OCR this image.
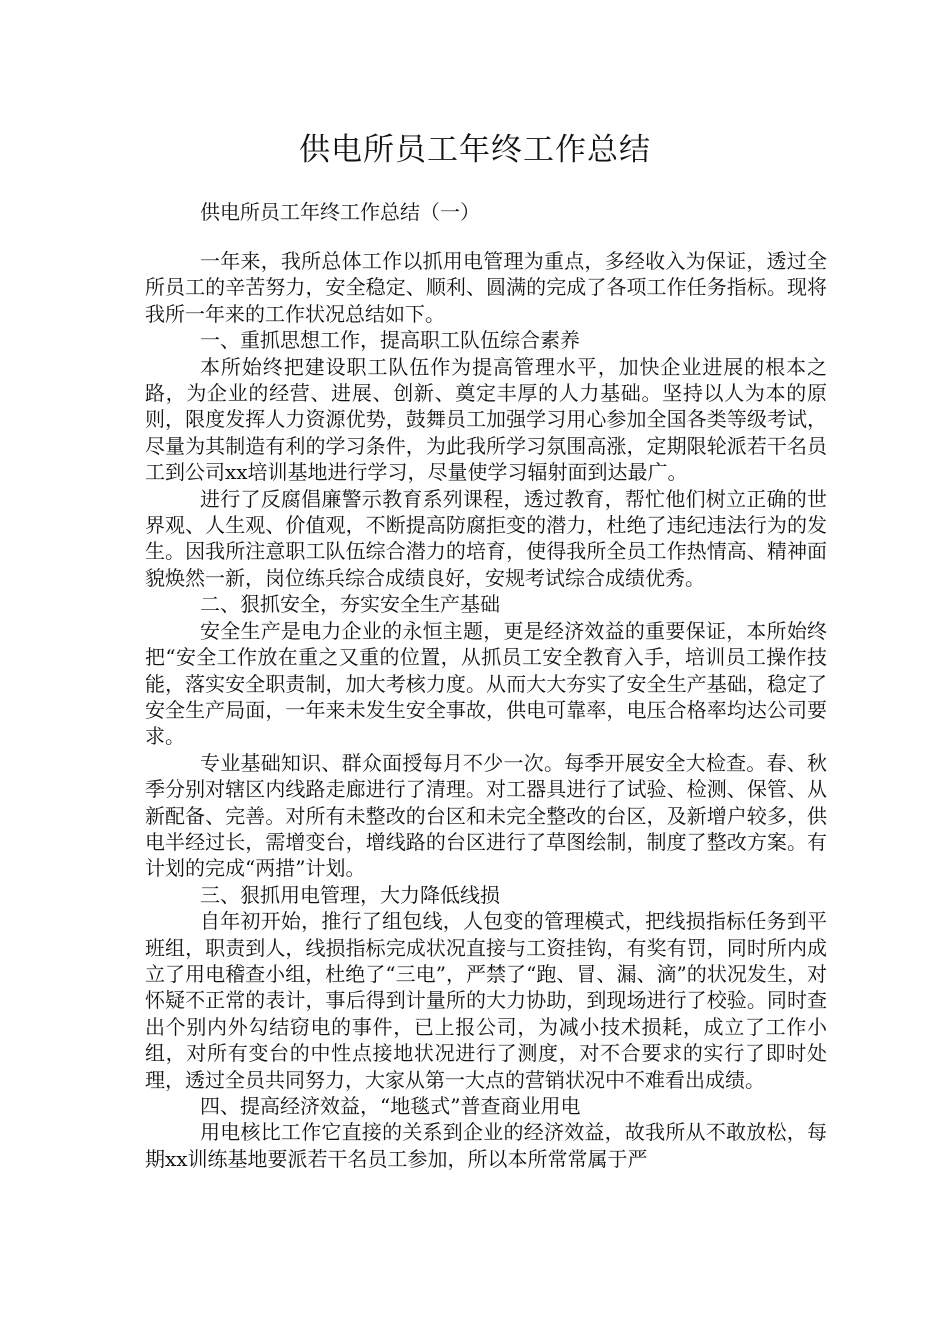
供电所员工年终工作总结

供电所员工年终工作总结（一）

一年来，我所总体工作以抓用电管理为重点，多经收入为保证，透过全所员工的辛苦努力，安全稳定、顺利、圆满的完成了各项工作任务指标。现将我所一年来的工作状况总结如下。

一、重抓思想工作，提高职工队伍综合素养

本所始终把建设职工队伍作为提高管理水平，加快企业进展的根本之路，为企业的经营、进展、创新、奠定丰厚的人力基础。坚持以人为本的原则，限度发挥人力资源优势，鼓舞员工加强学习用心参加全国各类等级考试，尽量为其制造有利的学习条件，为此我所学习氛围高涨，定期限轮派若干名员工到公司xx培训基地进行学习，尽量使学习辐射面到达最广。

进行了反腐倡廉警示教育系列课程，透过教育，帮忙他们树立正确的世界观、人生观、价值观，不断提高防腐拒变的潜力，杜绝了违纪违法行为的发生。因我所注意职工队伍综合潜力的培育，使得我所全员工作热情高、精神面貌焕然一新，岗位练兵综合成绩良好，安规考试综合成绩优秀。

二、狠抓安全，夯实安全生产基础

安全生产是电力企业的永恒主题，更是经济效益的重要保证，本所始终把“安全工作放在重之又重的位置，从抓员工安全教育入手，培训员工操作技能，落实安全职责制，加大考核力度。从而大大夯实了安全生产基础，稳定了安全生产局面，一年来未发生安全事故，供电可靠率，电压合格率均达公司要求。

专业基础知识、群众面授每月不少一次。每季开展安全大检查。春、秋季分别对辖区内线路走廊进行了清理。对工器具进行了试验、检测、保管、从新配备、完善。对所有未整改的台区和未完全整改的台区，及新增户较多，供电半经过长，需增变台，增线路的台区进行了草图绘制，制度了整改方案。有计划的完成“两措”计划。

三、狠抓用电管理，大力降低线损

自年初开始，推行了组包线，人包变的管理模式，把线损指标任务到平班组，职责到人，线损指标完成状况直接与工资挂钩，有奖有罚，同时所内成立了用电稽查小组，杜绝了“三电”，严禁了“跑、冒、漏、滴”的状况发生，对怀疑不正常的表计，事后得到计量所的大力协助，到现场进行了校验。同时查出个别内外勾结窃电的事件，已上报公司，为减小技术损耗，成立了工作小组，对所有变台的中性点接地状况进行了测度，对不合要求的实行了即时处理，透过全员共同努力，大家从第一大点的营销状况中不难看出成绩。

四、提高经济效益，“地毯式”普查商业用电

用电核比工作它直接的关系到企业的经济效益，故我所从不敢放松，每期xx训练基地要派若干名员工参加，所以本所常常属于严
